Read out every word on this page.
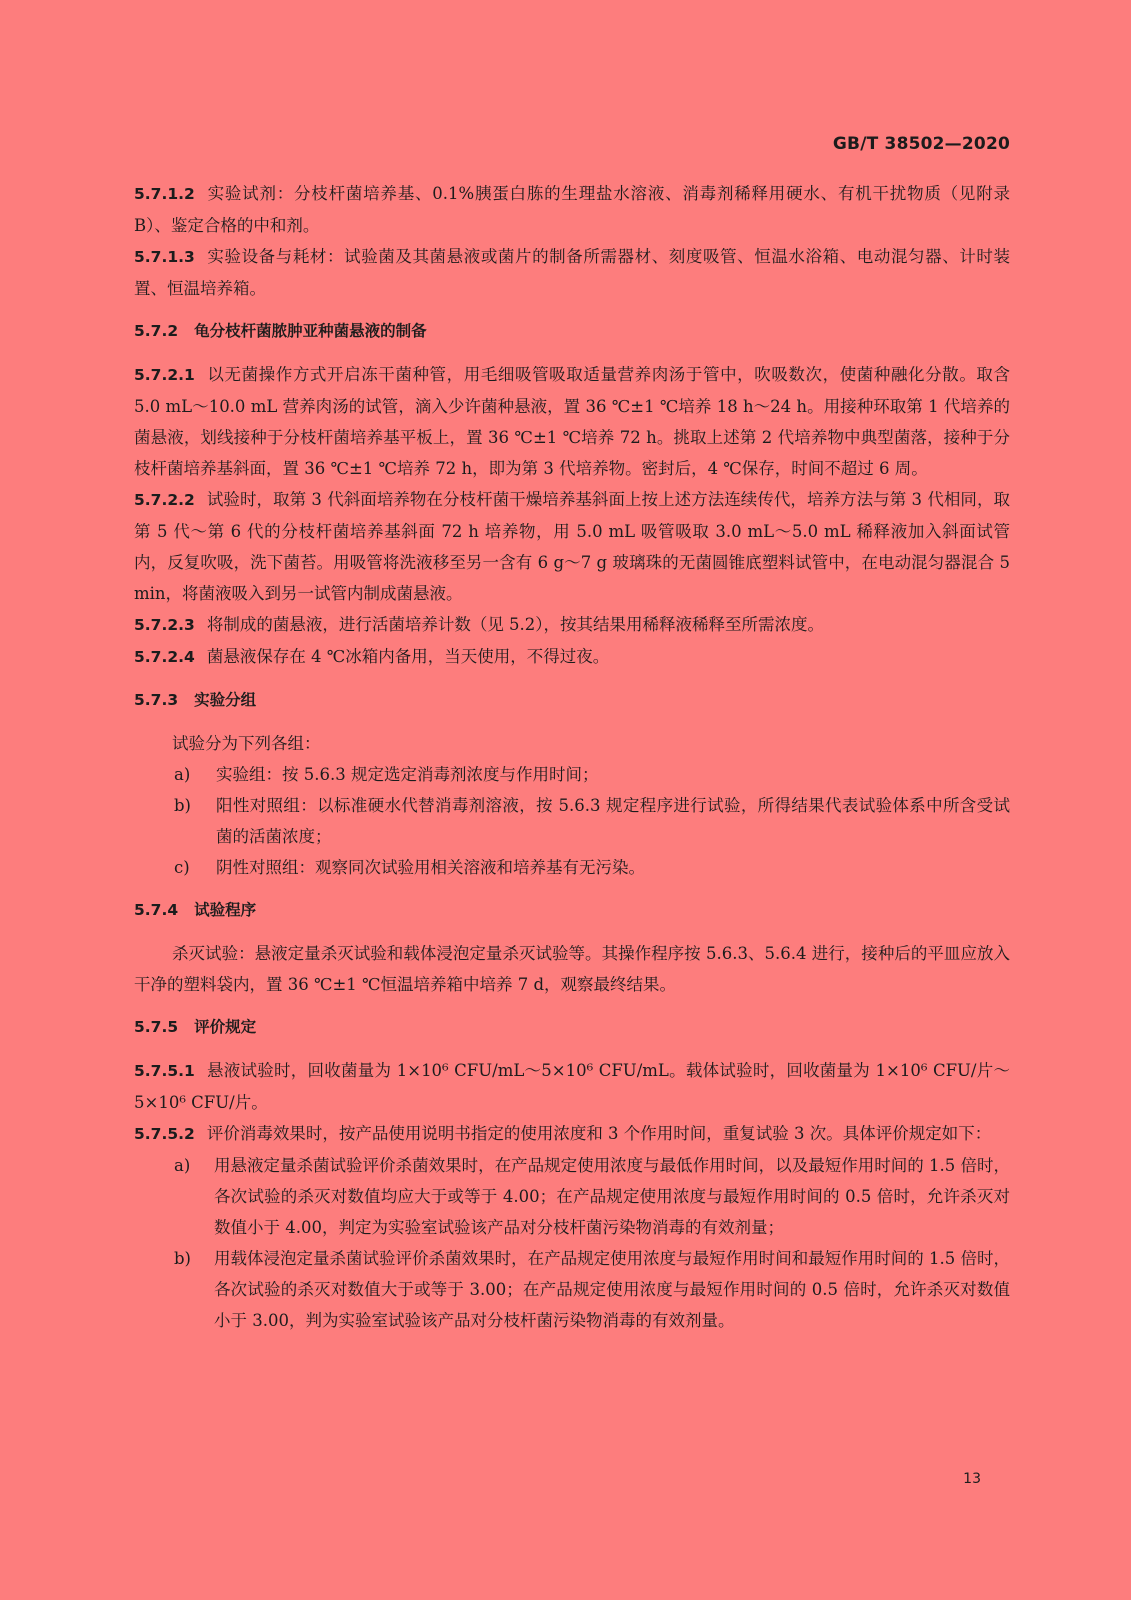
GB/T 38502—2020

5.7.1.2 实验试剂：分枝杆菌培养基、0.1%胰蛋白胨的生理盐水溶液、消毒剂稀释用硬水、有机干扰物质（见附录B）、鉴定合格的中和剂。

5.7.1.3 实验设备与耗材：试验菌及其菌悬液或菌片的制备所需器材、刻度吸管、恒温水浴箱、电动混匀器、计时装置、恒温培养箱。

5.7.2 龟分枝杆菌脓肿亚种菌悬液的制备

5.7.2.1 以无菌操作方式开启冻干菌种管，用毛细吸管吸取适量营养肉汤于管中，吹吸数次，使菌种融化分散。取含 5.0 mL～10.0 mL 营养肉汤的试管，滴入少许菌种悬液，置 36 ℃±1 ℃培养 18 h～24 h。用接种环取第 1 代培养的菌悬液，划线接种于分枝杆菌培养基平板上，置 36 ℃±1 ℃培养 72 h。挑取上述第 2 代培养物中典型菌落，接种于分枝杆菌培养基斜面，置 36 ℃±1 ℃培养 72 h，即为第 3 代培养物。密封后，4 ℃保存，时间不超过 6 周。

5.7.2.2 试验时，取第 3 代斜面培养物在分枝杆菌干燥培养基斜面上按上述方法连续传代，培养方法与第 3 代相同，取第 5 代～第 6 代的分枝杆菌培养基斜面 72 h 培养物，用 5.0 mL 吸管吸取 3.0 mL～5.0 mL 稀释液加入斜面试管内，反复吹吸，洗下菌苔。用吸管将洗液移至另一含有 6 g～7 g 玻璃珠的无菌圆锥底塑料试管中，在电动混匀器混合 5 min，将菌液吸入到另一试管内制成菌悬液。

5.7.2.3 将制成的菌悬液，进行活菌培养计数（见 5.2），按其结果用稀释液稀释至所需浓度。

5.7.2.4 菌悬液保存在 4 ℃冰箱内备用，当天使用，不得过夜。

5.7.3 实验分组

试验分为下列各组：

a)	实验组：按 5.6.3 规定选定消毒剂浓度与作用时间；
b)	阳性对照组：以标准硬水代替消毒剂溶液，按 5.6.3 规定程序进行试验，所得结果代表试验体系中所含受试菌的活菌浓度；
c)	阴性对照组：观察同次试验用相关溶液和培养基有无污染。

5.7.4 试验程序

杀灭试验：悬液定量杀灭试验和载体浸泡定量杀灭试验等。其操作程序按 5.6.3、5.6.4 进行，接种后的平皿应放入干净的塑料袋内，置 36 ℃±1 ℃恒温培养箱中培养 7 d，观察最终结果。

5.7.5 评价规定

5.7.5.1 悬液试验时，回收菌量为 1×10⁶ CFU/mL～5×10⁶ CFU/mL。载体试验时，回收菌量为 1×10⁶ CFU/片～5×10⁶ CFU/片。

5.7.5.2 评价消毒效果时，按产品使用说明书指定的使用浓度和 3 个作用时间，重复试验 3 次。具体评价规定如下：

a)	用悬液定量杀菌试验评价杀菌效果时，在产品规定使用浓度与最低作用时间，以及最短作用时间的 1.5 倍时，各次试验的杀灭对数值均应大于或等于 4.00；在产品规定使用浓度与最短作用时间的 0.5 倍时，允许杀灭对数值小于 4.00，判定为实验室试验该产品对分枝杆菌污染物消毒的有效剂量；
b)	用载体浸泡定量杀菌试验评价杀菌效果时，在产品规定使用浓度与最短作用时间和最短作用时间的 1.5 倍时，各次试验的杀灭对数值大于或等于 3.00；在产品规定使用浓度与最短作用时间的 0.5 倍时，允许杀灭对数值小于 3.00，判为实验室试验该产品对分枝杆菌污染物消毒的有效剂量。
13
